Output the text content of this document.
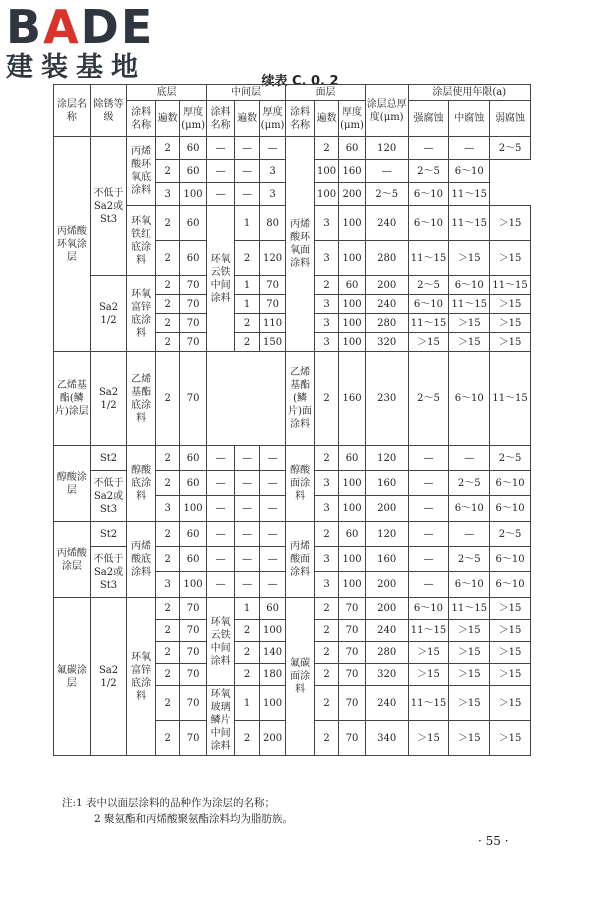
BADE
建装基地	续表 C. 0. 2
涂层名称	除锈等级	底层			中间层			面层			涂层总厚度(μm)	涂层使用年限(a)		
		涂料名称	遍数	厚度(μm)	涂料名称	遍数	厚度(μm)	涂料名称	遍数	厚度(μm)		强腐蚀	中腐蚀	弱腐蚀
丙烯酸环氧涂层	不低于Sa2或St3	丙烯酸环氧底涂料	2	60	—	—	—	丙烯酸环氧面涂料	2	60	120	—	—	2～5
			2	60	—	—	3		100	160	—	2～5	6～10	
			3	100	—	—	3		100	200	2～5	6～10	11～15	
		环氧铁红底涂料	2	60	环氧云铁中间涂料	1	80		3	100	240	6～10	11～15	＞15
			2	60		2	120		3	100	280	11～15	＞15	＞15
	Sa2 1/2	环氧富锌底涂料	2	70		1	70		2	60	200	2～5	6～10	11～15
			2	70		1	70		3	100	240	6～10	11～15	＞15
			2	70		2	110		3	100	280	11～15	＞15	＞15
			2	70		2	150		3	100	320	＞15	＞15	＞15
乙烯基酯(鳞片)涂层	Sa2 1/2	乙烯基酯底涂料	2	70				乙烯基酯(鳞片)面涂料	2	160	230	2～5	6～10	11～15
醇酸涂层	St2	醇酸底涂料	2	60	—	—	—	醇酸面涂料	2	60	120	—	—	2～5
	不低于Sa2或St3		2	60	—	—	—		3	100	160	—	2～5	6～10
			3	100	—	—	—		3	100	200	—	6～10	6～10
丙烯酸涂层	St2	丙烯酸底涂料	2	60	—	—	—	丙烯酸面涂料	2	60	120	—	—	2～5
	不低于Sa2或St3		2	60	—	—	—		3	100	160	—	2～5	6～10
			3	100	—	—	—		3	100	200	—	6～10	6～10
氟碳涂层	Sa2 1/2	环氧富锌底涂料	2	70	环氧云铁中间涂料	1	60	氟碳面涂料	2	70	200	6～10	11～15	＞15
			2	70		2	100		2	70	240	11～15	＞15	＞15
			2	70		2	140		2	70	280	＞15	＞15	＞15
			2	70		2	180		2	70	320	＞15	＞15	＞15
			2	70	环氧玻璃鳞片中间涂料	1	100		2	70	240	11～15	＞15	＞15
			2	70		2	200		2	70	340	＞15	＞15	＞15
注:1 表中以面层涂料的品种作为涂层的名称；
2 聚氨酯和丙烯酸聚氨酯涂料均为脂肪族。
· 55 ·
